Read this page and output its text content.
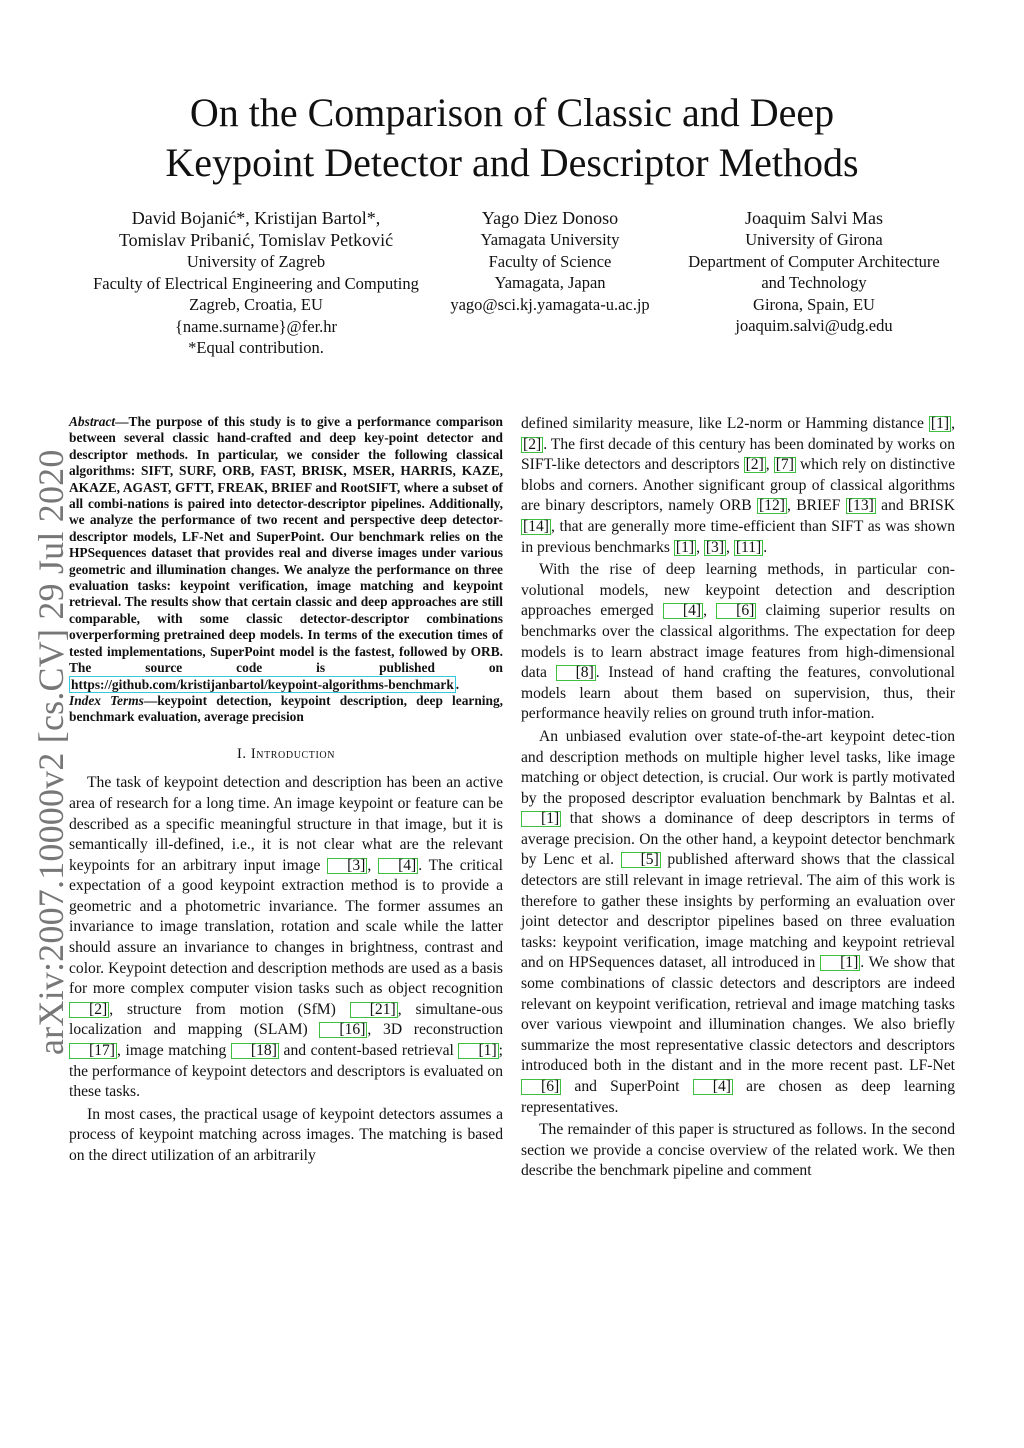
arXiv:2007.10000v2 [cs.CV] 29 Jul 2020
On the Comparison of Classic and Deep
Keypoint Detector and Descriptor Methods
David Bojanić*, Kristijan Bartol*,
Tomislav Pribanić, Tomislav Petković
University of Zagreb
Faculty of Electrical Engineering and Computing
Zagreb, Croatia, EU
{name.surname}@fer.hr
*Equal contribution.
Yago Diez Donoso
Yamagata University
Faculty of Science
Yamagata, Japan
yago@sci.kj.yamagata-u.ac.jp
Joaquim Salvi Mas
University of Girona
Department of Computer Architecture
and Technology
Girona, Spain, EU
joaquim.salvi@udg.edu
Abstract—The purpose of this study is to give a performance comparison between several classic hand-crafted and deep key-point detector and descriptor methods. In particular, we consider the following classical algorithms: SIFT, SURF, ORB, FAST, BRISK, MSER, HARRIS, KAZE, AKAZE, AGAST, GFTT, FREAK, BRIEF and RootSIFT, where a subset of all combi-nations is paired into detector-descriptor pipelines. Additionally, we analyze the performance of two recent and perspective deep detector-descriptor models, LF-Net and SuperPoint. Our benchmark relies on the HPSequences dataset that provides real and diverse images under various geometric and illumination changes. We analyze the performance on three evaluation tasks: keypoint verification, image matching and keypoint retrieval. The results show that certain classic and deep approaches are still comparable, with some classic detector-descriptor combinations overperforming pretrained deep models. In terms of the execution times of tested implementations, SuperPoint model is the fastest, followed by ORB. The source code is published on https://github.com/kristijanbartol/keypoint-algorithms-benchmark .
Index Terms—keypoint detection, keypoint description, deep learning, benchmark evaluation, average precision
I. Introduction

The task of keypoint detection and description has been an active area of research for a long time. An image keypoint or feature can be described as a specific meaningful structure in that image, but it is semantically ill-defined, i.e., it is not clear what are the relevant keypoints for an arbitrary input image [3] , [4] . The critical expectation of a good keypoint extraction method is to provide a geometric and a photometric invariance. The former assumes an invariance to image translation, rotation and scale while the latter should assure an invariance to changes in brightness, contrast and color. Keypoint detection and description methods are used as a basis for more complex computer vision tasks such as object recognition [2] , structure from motion (SfM) [21] , simultane-ous localization and mapping (SLAM) [16] , 3D reconstruction [17] , image matching [18] and content-based retrieval [1] ; the performance of keypoint detectors and descriptors is evaluated on these tasks.

In most cases, the practical usage of keypoint detectors assumes a process of keypoint matching across images. The matching is based on the direct utilization of an arbitrarily

defined similarity measure, like L2-norm or Hamming distance [1] , [2] . The first decade of this century has been dominated by works on SIFT-like detectors and descriptors [2] , [7] which rely on distinctive blobs and corners. Another significant group of classical algorithms are binary descriptors, namely ORB [12] , BRIEF [13] and BRISK [14] , that are generally more time-efficient than SIFT as was shown in previous benchmarks [1] , [3] , [11] .

With the rise of deep learning methods, in particular con-volutional models, new keypoint detection and description approaches emerged [4] , [6] claiming superior results on benchmarks over the classical algorithms. The expectation for deep models is to learn abstract image features from high-dimensional data [8] . Instead of hand crafting the features, convolutional models learn about them based on supervision, thus, their performance heavily relies on ground truth infor-mation.

An unbiased evalution over state-of-the-art keypoint detec-tion and description methods on multiple higher level tasks, like image matching or object detection, is crucial. Our work is partly motivated by the proposed descriptor evaluation benchmark by Balntas et al. [1] that shows a dominance of deep descriptors in terms of average precision. On the other hand, a keypoint detector benchmark by Lenc et al. [5] published afterward shows that the classical detectors are still relevant in image retrieval. The aim of this work is therefore to gather these insights by performing an evaluation over joint detector and descriptor pipelines based on three evaluation tasks: keypoint verification, image matching and keypoint retrieval and on HPSequences dataset, all introduced in [1] . We show that some combinations of classic detectors and descriptors are indeed relevant on keypoint verification, retrieval and image matching tasks over various viewpoint and illumination changes. We also briefly summarize the most representative classic detectors and descriptors introduced both in the distant and in the more recent past. LF-Net [6] and SuperPoint [4] are chosen as deep learning representatives.

The remainder of this paper is structured as follows. In the second section we provide a concise overview of the related work. We then describe the benchmark pipeline and comment
